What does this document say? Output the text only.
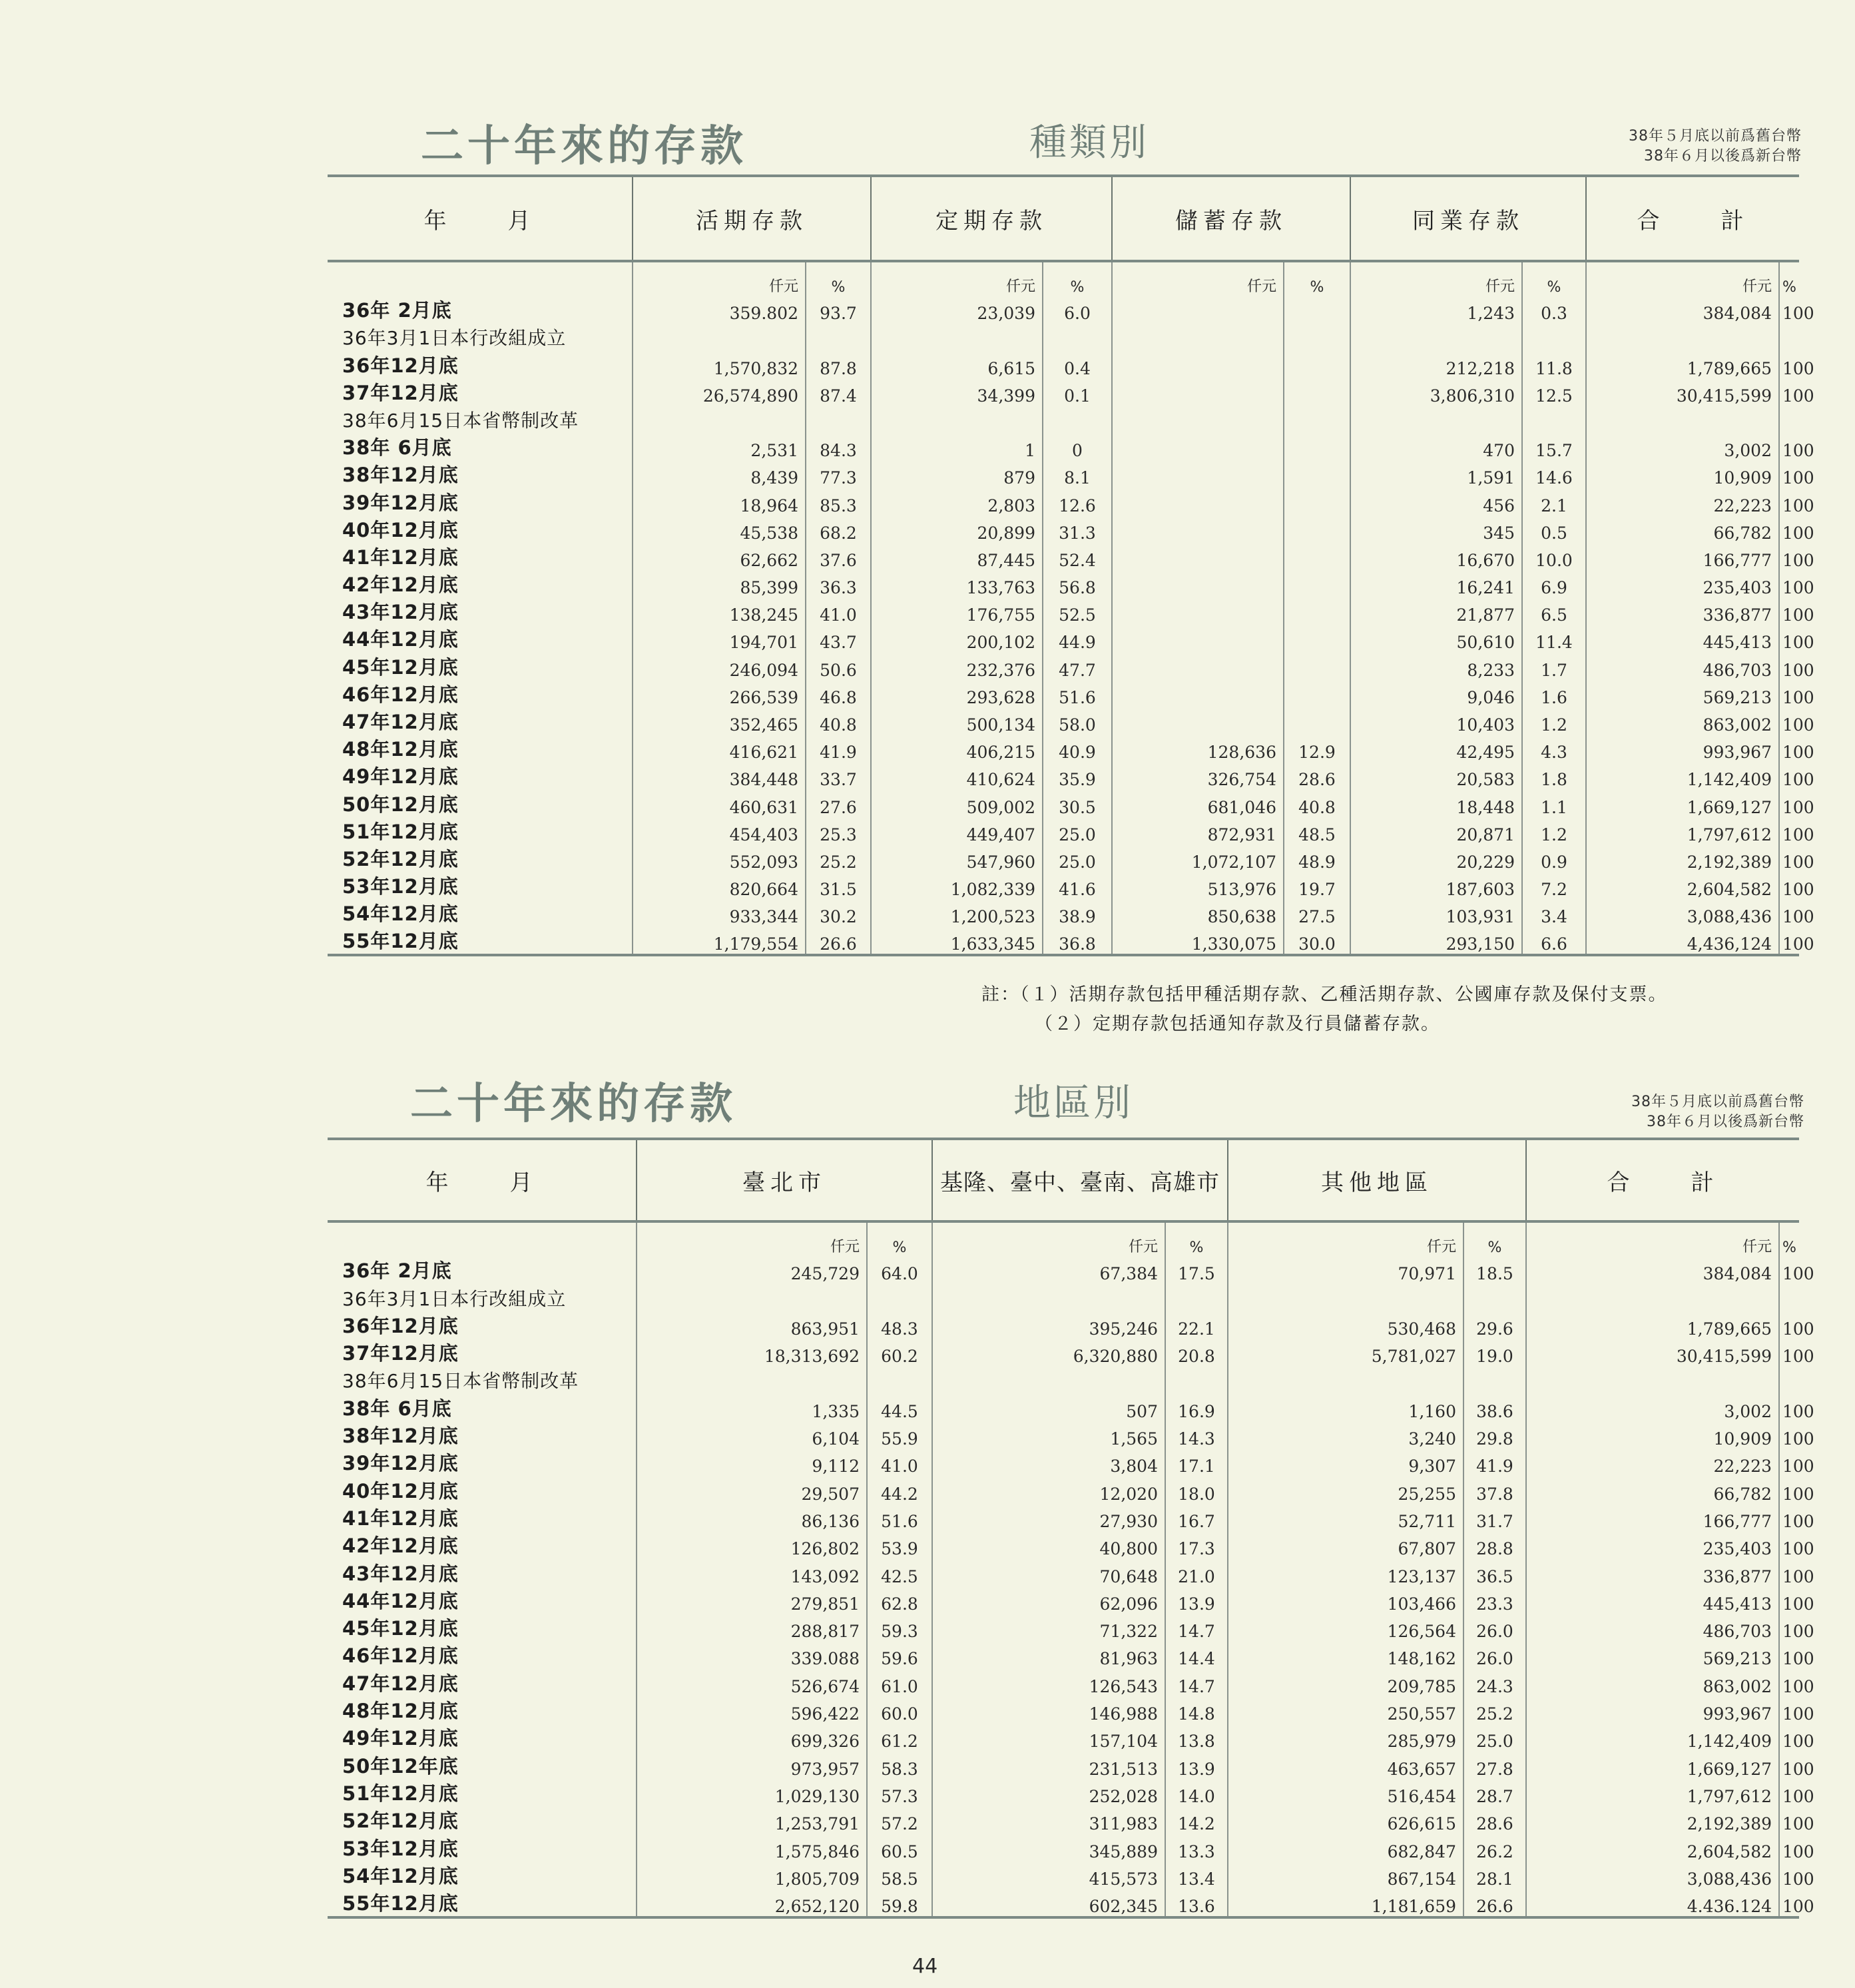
二十年來的存款	種類別	38年５月底以前爲舊台幣
38年６月以後爲新台幣
年　　月	活期存款		定期存款		儲蓄存款		同業存款		合　　計	
	仟元	%	仟元	%	仟元	%	仟元	%	仟元	%
36年 2月底	359.802	93.7	23,039	6.0			1,243	0.3	384,084	100
36年3月1日本行改組成立										
36年12月底	1,570,832	87.8	6,615	0.4			212,218	11.8	1,789,665	100
37年12月底	26,574,890	87.4	34,399	0.1			3,806,310	12.5	30,415,599	100
38年6月15日本省幣制改革										
38年 6月底	2,531	84.3	1	0			470	15.7	3,002	100
38年12月底	8,439	77.3	879	8.1			1,591	14.6	10,909	100
39年12月底	18,964	85.3	2,803	12.6			456	2.1	22,223	100
40年12月底	45,538	68.2	20,899	31.3			345	0.5	66,782	100
41年12月底	62,662	37.6	87,445	52.4			16,670	10.0	166,777	100
42年12月底	85,399	36.3	133,763	56.8			16,241	6.9	235,403	100
43年12月底	138,245	41.0	176,755	52.5			21,877	6.5	336,877	100
44年12月底	194,701	43.7	200,102	44.9			50,610	11.4	445,413	100
45年12月底	246,094	50.6	232,376	47.7			8,233	1.7	486,703	100
46年12月底	266,539	46.8	293,628	51.6			9,046	1.6	569,213	100
47年12月底	352,465	40.8	500,134	58.0			10,403	1.2	863,002	100
48年12月底	416,621	41.9	406,215	40.9	128,636	12.9	42,495	4.3	993,967	100
49年12月底	384,448	33.7	410,624	35.9	326,754	28.6	20,583	1.8	1,142,409	100
50年12月底	460,631	27.6	509,002	30.5	681,046	40.8	18,448	1.1	1,669,127	100
51年12月底	454,403	25.3	449,407	25.0	872,931	48.5	20,871	1.2	1,797,612	100
52年12月底	552,093	25.2	547,960	25.0	1,072,107	48.9	20,229	0.9	2,192,389	100
53年12月底	820,664	31.5	1,082,339	41.6	513,976	19.7	187,603	7.2	2,604,582	100
54年12月底	933,344	30.2	1,200,523	38.9	850,638	27.5	103,931	3.4	3,088,436	100
55年12月底	1,179,554	26.6	1,633,345	36.8	1,330,075	30.0	293,150	6.6	4,436,124	100
註：（１）活期存款包括甲種活期存款、乙種活期存款、公國庫存款及保付支票。
（２）定期存款包括通知存款及行員儲蓄存款。
二十年來的存款	地區別	38年５月底以前爲舊台幣
38年６月以後爲新台幣
年　　月	臺北市		基隆、臺中、臺南、高雄市		其他地區		合　　計	
	仟元	%	仟元	%	仟元	%	仟元	%
36年 2月底	245,729	64.0	67,384	17.5	70,971	18.5	384,084	100
36年3月1日本行改組成立								
36年12月底	863,951	48.3	395,246	22.1	530,468	29.6	1,789,665	100
37年12月底	18,313,692	60.2	6,320,880	20.8	5,781,027	19.0	30,415,599	100
38年6月15日本省幣制改革								
38年 6月底	1,335	44.5	507	16.9	1,160	38.6	3,002	100
38年12月底	6,104	55.9	1,565	14.3	3,240	29.8	10,909	100
39年12月底	9,112	41.0	3,804	17.1	9,307	41.9	22,223	100
40年12月底	29,507	44.2	12,020	18.0	25,255	37.8	66,782	100
41年12月底	86,136	51.6	27,930	16.7	52,711	31.7	166,777	100
42年12月底	126,802	53.9	40,800	17.3	67,807	28.8	235,403	100
43年12月底	143,092	42.5	70,648	21.0	123,137	36.5	336,877	100
44年12月底	279,851	62.8	62,096	13.9	103,466	23.3	445,413	100
45年12月底	288,817	59.3	71,322	14.7	126,564	26.0	486,703	100
46年12月底	339.088	59.6	81,963	14.4	148,162	26.0	569,213	100
47年12月底	526,674	61.0	126,543	14.7	209,785	24.3	863,002	100
48年12月底	596,422	60.0	146,988	14.8	250,557	25.2	993,967	100
49年12月底	699,326	61.2	157,104	13.8	285,979	25.0	1,142,409	100
50年12年底	973,957	58.3	231,513	13.9	463,657	27.8	1,669,127	100
51年12月底	1,029,130	57.3	252,028	14.0	516,454	28.7	1,797,612	100
52年12月底	1,253,791	57.2	311,983	14.2	626,615	28.6	2,192,389	100
53年12月底	1,575,846	60.5	345,889	13.3	682,847	26.2	2,604,582	100
54年12月底	1,805,709	58.5	415,573	13.4	867,154	28.1	3,088,436	100
55年12月底	2,652,120	59.8	602,345	13.6	1,181,659	26.6	4.436.124	100
44
